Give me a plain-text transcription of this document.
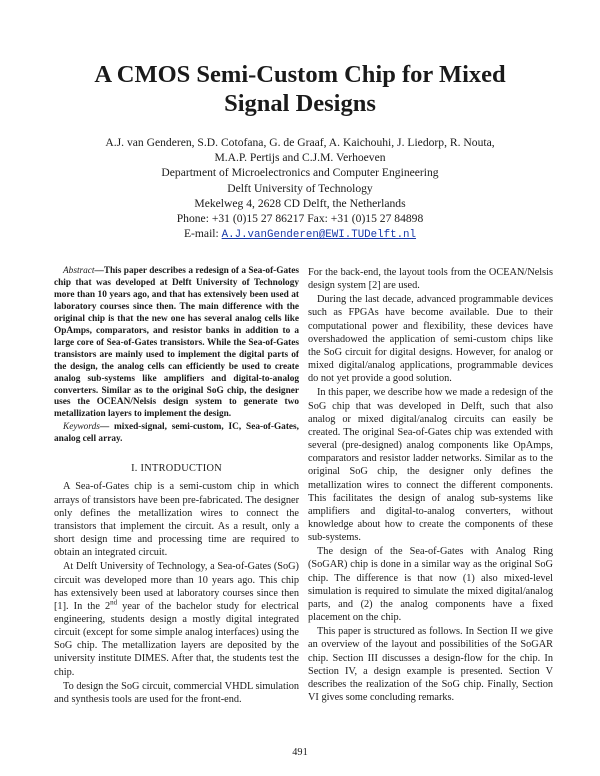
A CMOS Semi-Custom Chip for Mixed
Signal Designs
A.J. van Genderen, S.D. Cotofana, G. de Graaf, A. Kaichouhi, J. Liedorp, R. Nouta,
M.A.P. Pertijs and C.J.M. Verhoeven
Department of Microelectronics and Computer Engineering
Delft University of Technology
Mekelweg 4, 2628 CD Delft, the Netherlands
Phone: +31 (0)15 27 86217 Fax: +31 (0)15 27 84898
E-mail: A.J.vanGenderen@EWI.TUDelft.nl

Abstract—This paper describes a redesign of a Sea-of-Gates chip that was developed at Delft University of Technology more than 10 years ago, and that has extensively been used at laboratory courses since then. The main difference with the original chip is that the new one has several analog cells like OpAmps, comparators, and resistor banks in addition to a large core of Sea-of-Gates transistors. While the Sea-of-Gates transistors are mainly used to implement the digital parts of the design, the analog cells can efficiently be used to create analog sub-systems like amplifiers and digital-to-analog converters. Similar as to the original SoG chip, the designer uses the OCEAN/Nelsis design system to generate two metallization layers to implement the design.

Keywords— mixed-signal, semi-custom, IC, Sea-of-Gates, analog cell array.

I. INTRODUCTION

A Sea-of-Gates chip is a semi-custom chip in which arrays of transistors have been pre-fabricated. The designer only defines the metallization wires to connect the transistors that implement the circuit. As a result, only a short design time and processing time are required to obtain an integrated circuit.

At Delft University of Technology, a Sea-of-Gates (SoG) circuit was developed more than 10 years ago. This chip has extensively been used at laboratory courses since then [1]. In the 2nd year of the bachelor study for electrical engineering, students design a mostly digital integrated circuit (except for some simple analog interfaces) using the SoG chip. The metallization layers are deposited by the university institute DIMES. After that, the students test the chip.

To design the SoG circuit, commercial VHDL simulation and synthesis tools are used for the front-end.

For the back-end, the layout tools from the OCEAN/Nelsis design system [2] are used.

During the last decade, advanced programmable devices such as FPGAs have become available. Due to their computational power and flexibility, these devices have overshadowed the application of semi-custom chips like the SoG circuit for digital designs. However, for analog or mixed digital/analog applications, programmable devices do not yet provide a good solution.

In this paper, we describe how we made a redesign of the SoG chip that was developed in Delft, such that also analog or mixed digital/analog circuits can easily be created. The original Sea-of-Gates chip was extended with several (pre-designed) analog components like OpAmps, comparators and resistor ladder networks. Similar as to the original SoG chip, the designer only defines the metallization wires to connect the different components. This facilitates the design of analog sub-systems like amplifiers and digital-to-analog converters, without knowledge about how to create the components of these sub-systems.

The design of the Sea-of-Gates with Analog Ring (SoGAR) chip is done in a similar way as the original SoG chip. The difference is that now (1) also mixed-level simulation is required to simulate the mixed digital/analog parts, and (2) the analog components have a fixed placement on the chip.

This paper is structured as follows. In Section II we give an overview of the layout and possibilities of the SoGAR chip. Section III discusses a design-flow for the chip. In Section IV, a design example is presented. Section V describes the realization of the SoG chip. Finally, Section VI gives some concluding remarks.

491
